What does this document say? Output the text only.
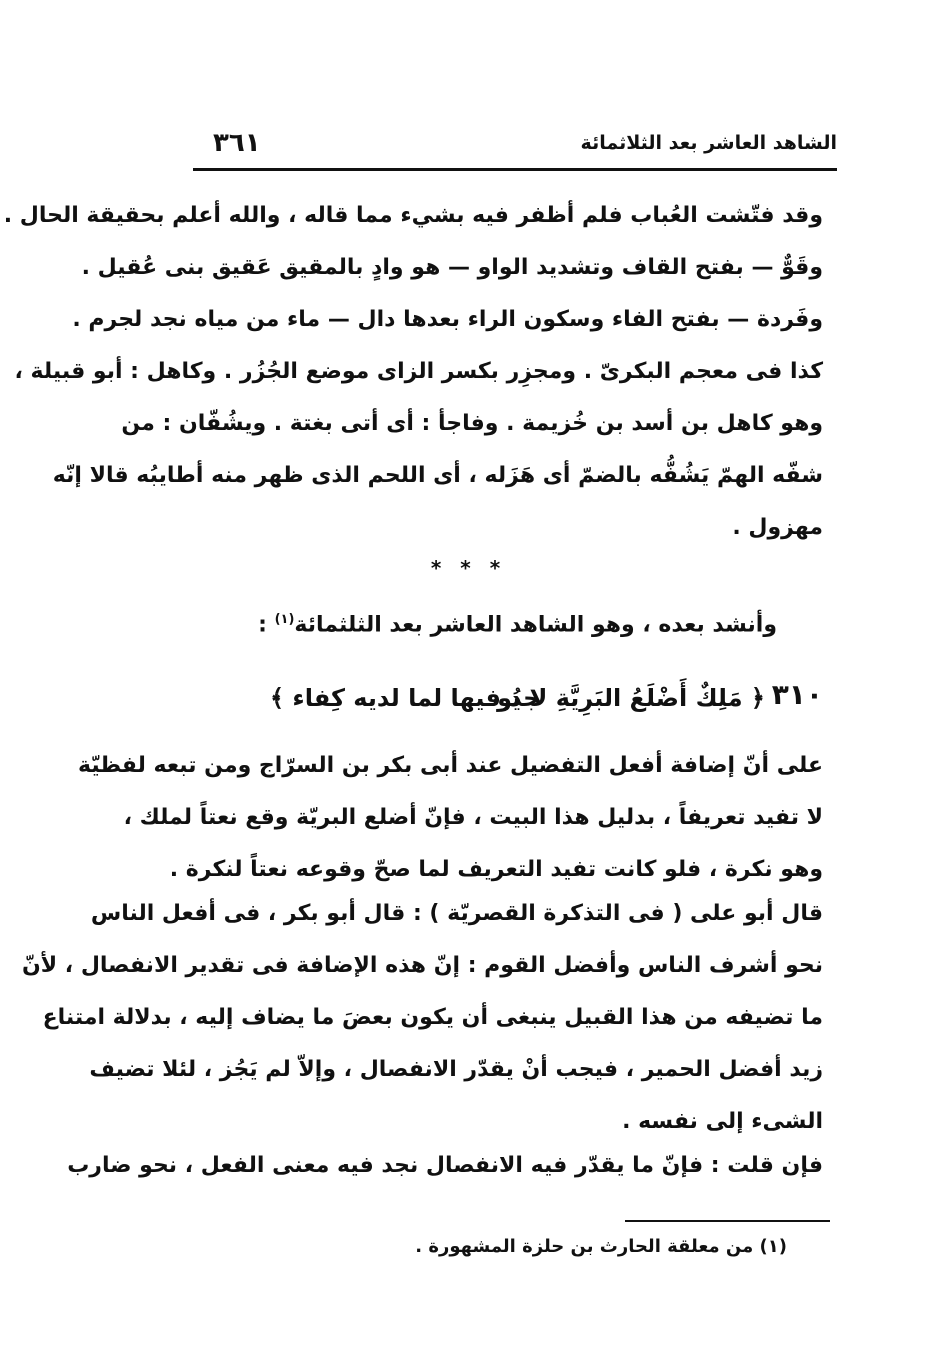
الشاهد العاشر بعد الثلاثمائة
٣٦١
وقد فتّشت العُباب فلم أظفر فيه بشيء مما قاله ، والله أعلم بحقيقة الحال .
وقَوٌّ — بفتح القاف وتشديد الواو — هو وادٍ بالمقيق عَقيق بنى عُقيل .
وفَردة — بفتح الفاء وسكون الراء بعدها دال — ماء من مياه نجد لجرم .
كذا فى معجم البكرىّ . ومجزِر بكسر الزاى موضع الجُزُر . وكاهل : أبو قبيلة ،
وهو كاهل بن أسد بن خُزيمة . وفاجأ : أى أتى بغتة . ويشُفّان : من
شفّه الهمّ يَشُفُّه بالضمّ أى هَزَله ، أى اللحم الذى ظهر منه أطايبُه قالا إنّه
مهزول .
* * *
وأنشد بعده ، وهو الشاهد العاشر بعد الثلثمائة$^{(١)}$ :
٣١٠
﴿ مَلِكٌ أَضْلَعُ البَرِيَّةِ لا يُو
جد فيها لما لديه كِفاء ﴾
على أنّ إضافة أفعل التفضيل عند أبى بكر بن السرّاج ومن تبعه لفظيّة
لا تفيد تعريفاً ، بدليل هذا البيت ، فإنّ أضلع البريّة وقع نعتاً لملك ،
وهو نكرة ، فلو كانت تفيد التعريف لما صحّ وقوعه نعتاً لنكرة .
قال أبو على ( فى التذكرة القصريّة ) : قال أبو بكر ، فى أفعل الناس
نحو أشرف الناس وأفضل القوم : إنّ هذه الإضافة فى تقدير الانفصال ، لأنّ
ما تضيفه من هذا القبيل ينبغى أن يكون بعضَ ما يضاف إليه ، بدلالة امتناع
زيد أفضل الحمير ، فيجب أنْ يقدّر الانفصال ، وإلاّ لم يَجُز ، لئلا تضيف
الشىء إلى نفسه .
فإن قلت : فإنّ ما يقدّر فيه الانفصال نجد فيه معنى الفعل ، نحو ضارب
(١) من معلقة الحارث بن حلزة المشهورة .
